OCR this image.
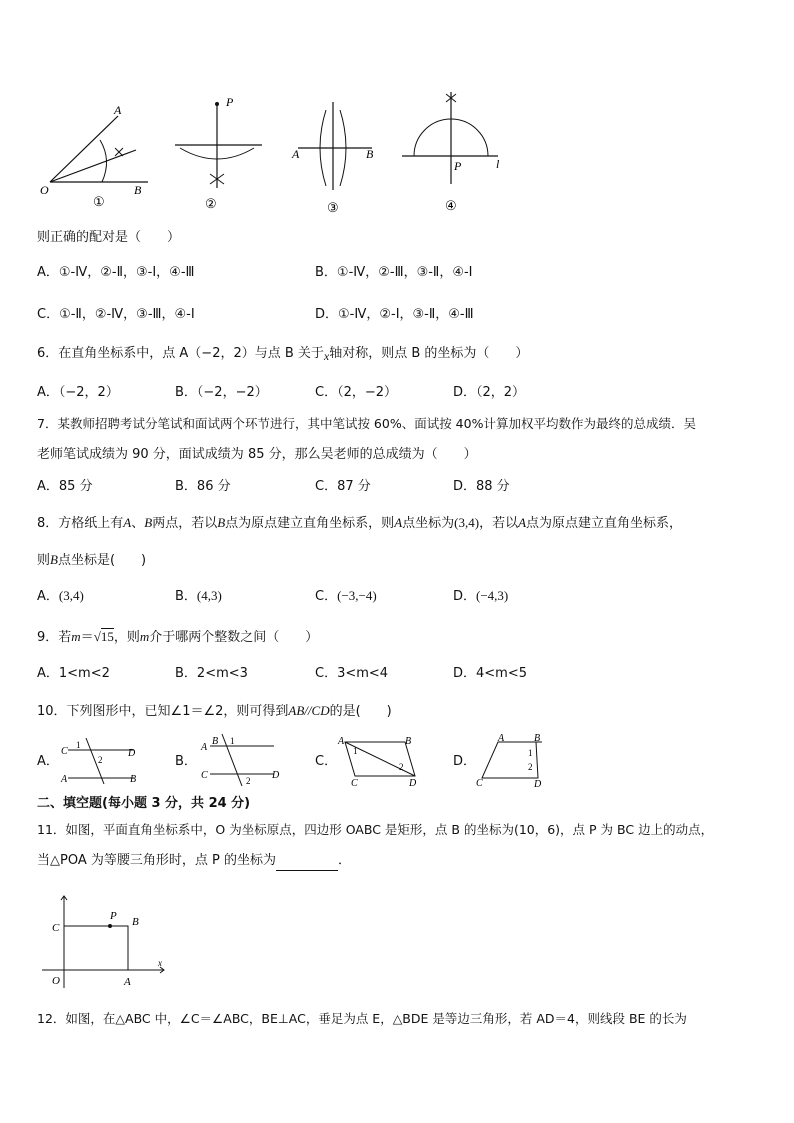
A
B
O
①
P
②
A	B
③
P	l
④
则正确的配对是（　　）
A．①-Ⅳ，②-Ⅱ，③-Ⅰ，④-Ⅲ	B．①-Ⅳ，②-Ⅲ，③-Ⅱ，④-Ⅰ
C．①-Ⅱ，②-Ⅳ，③-Ⅲ，④-Ⅰ	D．①-Ⅳ，②-Ⅰ，③-Ⅱ，④-Ⅲ
6．在直角坐标系中，点 A（−2，2）与点 B 关于x轴对称，则点 B 的坐标为（　　）
A．（−2，2）	B．（−2，−2）	C．（2，−2）	D．（2，2）
7．某教师招聘考试分笔试和面试两个环节进行，其中笔试按 60%、面试按 40%计算加权平均数作为最终的总成绩．吴
老师笔试成绩为 90 分，面试成绩为 85 分，那么吴老师的总成绩为（　　）
A．85 分	B．86 分	C．87 分	D．88 分
8．方格纸上有A、B两点，若以B点为原点建立直角坐标系，则A点坐标为(3,4)，若以A点为原点建立直角坐标系，
则B点坐标是(　　)
A．(3,4)	B．(4,3)	C．(−3,−4)	D．(−4,3)
9．若m＝√15，则m介于哪两个整数之间（　　）
A．1<m<2	B．2<m<3	C．3<m<4	D．4<m<5
10．下列图形中，已知∠1＝∠2，则可得到AB//CD的是(　　)
A．
C	D
A	B
1
2	B．
A
B
C	D
1
2
C．
A	B
C	D
1
2	D．
A	B
C	D
1
2
二、填空题(每小题 3 分，共 24 分)
11．如图，平面直角坐标系中，O 为坐标原点，四边形 OABC 是矩形，点 B 的坐标为(10，6)，点 P 为 BC 边上的动点，
当△POA 为等腰三角形时，点 P 的坐标为	．
C
P B
O	A
x
12．如图，在△ABC 中，∠C＝∠ABC，BE⊥AC，垂足为点 E，△BDE 是等边三角形，若 AD＝4，则线段 BE 的长为
